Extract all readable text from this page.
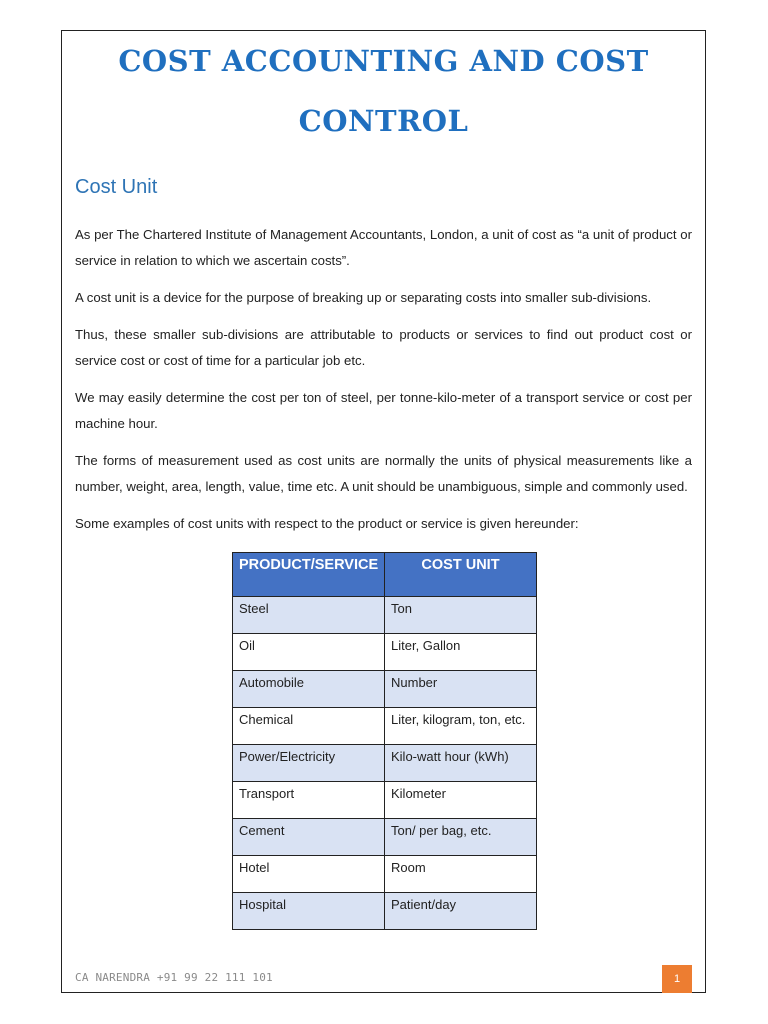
COST ACCOUNTING AND COST
CONTROL
Cost Unit

As per The Chartered Institute of Management Accountants, London, a unit of cost as “a unit of product or service in relation to which we ascertain costs”.

A cost unit is a device for the purpose of breaking up or separating costs into smaller sub-divisions.

Thus, these smaller sub-divisions are attributable to products or services to find out product cost or service cost or cost of time for a particular job etc.

We may easily determine the cost per ton of steel, per tonne-kilo-meter of a transport service or cost per machine hour.

The forms of measurement used as cost units are normally the units of physical measurements like a number, weight, area, length, value, time etc. A unit should be unambiguous, simple and commonly used.

Some examples of cost units with respect to the product or service is given hereunder:

PRODUCT/SERVICE	COST UNIT
Steel	Ton
Oil	Liter, Gallon
Automobile	Number
Chemical	Liter, kilogram, ton, etc.
Power/Electricity	Kilo-watt hour (kWh)
Transport	Kilometer
Cement	Ton/ per bag, etc.
Hotel	Room
Hospital	Patient/day
CA NARENDRA +91 99 22 111 101	1
